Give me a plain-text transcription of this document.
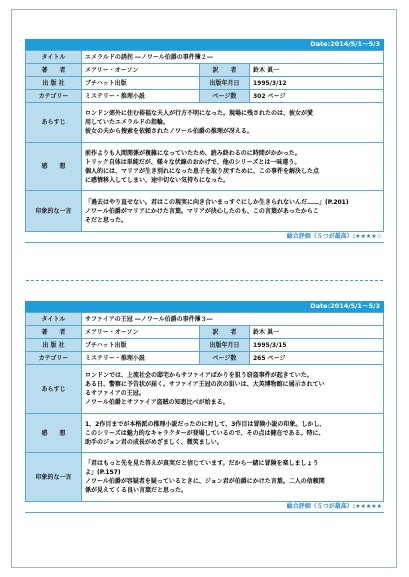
Date:2014/5/1～5/3
タイトル	エメラルドの誘拐 ―ノワール伯爵の事件簿２―		
著　　者	メアリー・オーソン	訳　　者	鈴木 眞一
出 版 社	ブチハット出版	出版年月日	1995/3/12
カテゴリー	ミステリー・推理小説	ページ数	302 ページ
あらすじ	ロンドン郊外に住む裕福な夫人が行方不明になった。現場に残されたのは、彼女が愛
用していたエメラルドの指輪。
彼女の夫から捜索を依頼されたノワール伯爵の推理が冴える。		

感　　想	前作よりも人間関係が複雑になっていたため、読み終わるのに時間がかかった。
トリック自体は単純だが、様々な伏線のおかげで、他のシリーズとは一味違う。
個人的には、マリアが生き別れになった息子を取り戻すために、この事件を解決した点
に感情移入してしまい、途中切ない気持ちになった。		

印象的な一言	「過去はやり直せない。君はこの現実に向き合いまっすぐにしか生きられないんだ……」(P.201)
ノワール伯爵がマリアにかけた言葉。マリアが決心したのも、この言葉があったからこ
そだと思った。		
総合評価（５つが最高）:★★★★☆
Date:2014/5/1～5/3
タイトル	サファイアの王冠 ―ノワール伯爵の事件簿３―		
著　　者	メアリー・オーソン	訳　　者	鈴木 眞一
出 版 社	ブチハット出版	出版年月日	1995/3/15
カテゴリー	ミステリー・推理小説	ページ数	265 ページ
あらすじ	ロンドンでは、上流社会の邸宅からサファイアばかりを狙う窃盗事件が起きていた。
ある日、警察に予告状が届く。サファイア王冠の次の狙いは、大英博物館に展示されてい
るサファイアの王冠。
ノワール伯爵とサファイア盗賊の知恵比べが始まる。		

感　　想	1、2作目までが本格派の推理小説だったのに対して、3作目は冒険小説の印象。しかし、
このシリーズは魅力的なキャラクターが登場しているので、その点は健在である。特に、
助手のジョン君の成長がめざましく、微笑ましい。		

印象的な一言	「君はもっと先を見た答えが真実だと信じています。だから一緒に冒険を楽しましょう
よ」(P.157)
ノワール伯爵が容疑者を疑っているときに、ジョン君が伯爵にかけた言葉。二人の信頼関
係が見えてくる良い言葉だと思った。		
総合評価（５つが最高）:★★★★★
